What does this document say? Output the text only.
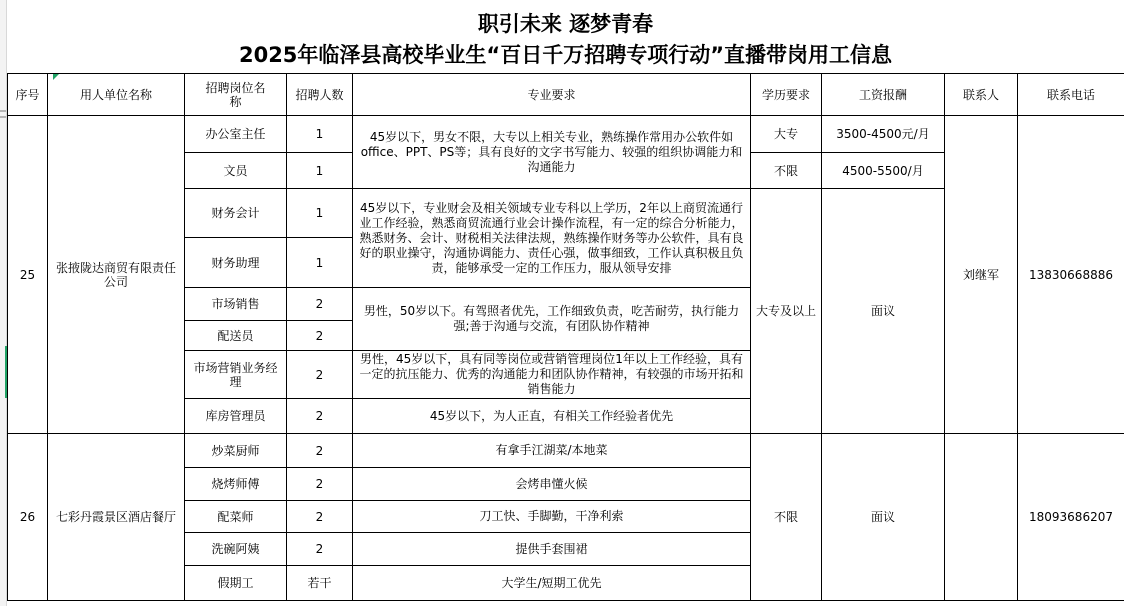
职引未来 逐梦青春
2025年临泽县高校毕业生“百日千万招聘专项行动”直播带岗用工信息
序号	用人单位名称	招聘岗位名称	招聘人数	专业要求	学历要求	工资报酬	联系人	联系电话
25	张掖陇达商贸有限责任公司	办公室主任	1	45岁以下，男女不限，大专以上相关专业，熟练操作常用办公软件如office、PPT、PS等；具有良好的文字书写能力、较强的组织协调能力和沟通能力	大专	3500-4500元/月	刘继军	13830668886
		文员	1		不限	4500-5500/月		
		财务会计	1	45岁以下，专业财会及相关领域专业专科以上学历，2年以上商贸流通行业工作经验，熟悉商贸流通行业会计操作流程，有一定的综合分析能力，熟悉财务、会计、财税相关法律法规，熟练操作财务等办公软件，具有良好的职业操守，沟通协调能力、责任心强，做事细致，工作认真积极且负责，能够承受一定的工作压力，服从领导安排	大专及以上	面议		
		财务助理	1					
		市场销售	2	男性，50岁以下。有驾照者优先，工作细致负责，吃苦耐劳，执行能力强;善于沟通与交流，有团队协作精神				
		配送员	2					
		市场营销业务经理	2	男性，45岁以下，具有同等岗位或营销管理岗位1年以上工作经验，具有一定的抗压能力、优秀的沟通能力和团队协作精神，有较强的市场开拓和销售能力				
		库房管理员	2	45岁以下，为人正直，有相关工作经验者优先				
26	七彩丹霞景区酒店餐厅	炒菜厨师	2	有拿手江湖菜/本地菜	不限	面议		18093686207
		烧烤师傅	2	会烤串懂火候				
		配菜师	2	刀工快、手脚勤，干净利索				
		洗碗阿姨	2	提供手套围裙				
		假期工	若干	大学生/短期工优先				
